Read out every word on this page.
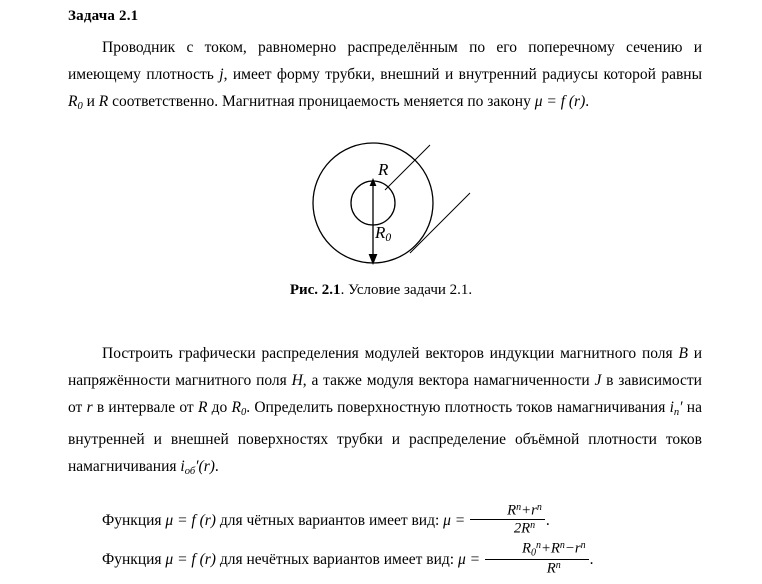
Задача 2.1
Проводник с током, равномерно распределённым по его поперечному сечению и имеющему плотность j, имеет форму трубки, внешний и внутренний радиусы которой равны $R_0$ и R соответственно. Магнитная проницаемость меняется по закону μ = f (r).
R
$R_0$
Рис. 2.1. Условие задачи 2.1.
Построить графически распределения модулей векторов индукции магнитного поля B и напряжённости магнитного поля H, а также модуля вектора намагниченности J в зависимости от r в интервале от R до $R_0$. Определить поверхностную плотность токов намагничивания $i_п'$ на внутренней и внешней поверхностях трубки и распределение объёмной плотности токов намагничивания $i_{об}'(r)$.
Функция μ = f (r) для чётных вариантов имеет вид: $\mu = \frac{R^n+r^n}{2R^n}$ .
Функция μ = f (r) для нечётных вариантов имеет вид: $\mu = \frac{R_0^n+R^n-r^n}{R^n}$ .
